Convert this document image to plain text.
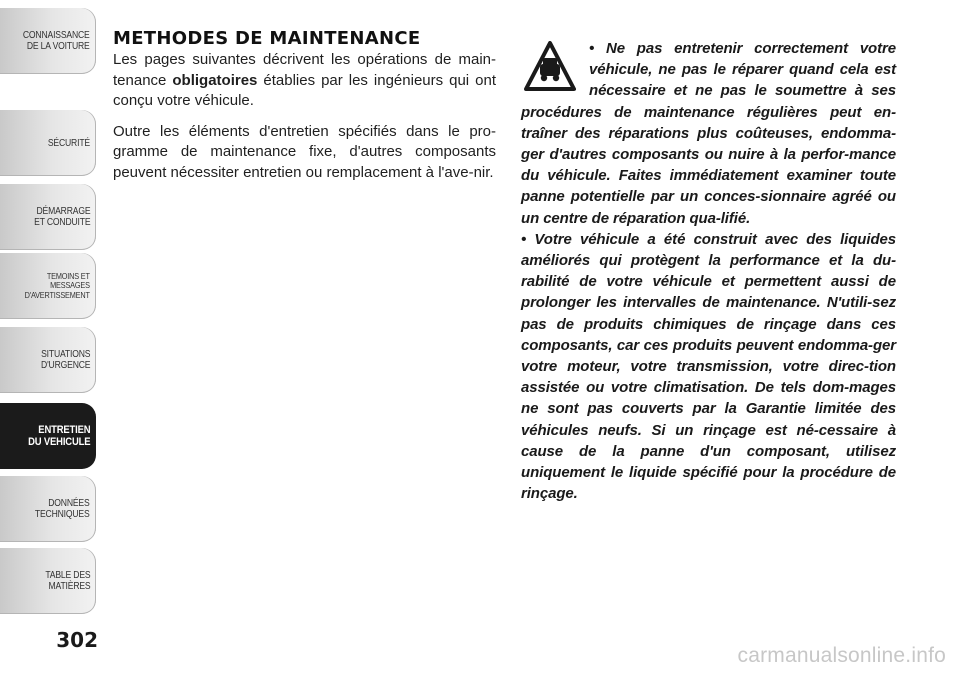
CONNAISSANCE
DE LA VOITURE
SÉCURITÉ
DÉMARRAGE
ET CONDUITE
TEMOINS ET
MESSAGES
D'AVERTISSEMENT
SITUATIONS
D'URGENCE
ENTRETIEN
DU VEHICULE
DONNÉES
TECHNIQUES
TABLE DES
MATIÈRES
302
METHODES DE MAINTENANCE

Les pages suivantes décrivent les opérations de main-tenance obligatoires établies par les ingénieurs qui ont conçu votre véhicule.

Outre les éléments d'entretien spécifiés dans le pro-gramme de maintenance fixe, d'autres composants peuvent nécessiter entretien ou remplacement à l'ave-nir.

• Ne pas entretenir correctement votre véhicule, ne pas le réparer quand cela est nécessaire et ne pas le soumettre à ses procédures de maintenance régulières peut en-traîner des réparations plus coûteuses, endomma-ger d'autres composants ou nuire à la perfor-mance du véhicule. Faites immédiatement examiner toute panne potentielle par un conces-sionnaire agréé ou un centre de réparation qua-lifié.
• Votre véhicule a été construit avec des liquides améliorés qui protègent la performance et la du-rabilité de votre véhicule et permettent aussi de prolonger les intervalles de maintenance. N'utili-sez pas de produits chimiques de rinçage dans ces composants, car ces produits peuvent endomma-ger votre moteur, votre transmission, votre direc-tion assistée ou votre climatisation. De tels dom-mages ne sont pas couverts par la Garantie limitée des véhicules neufs. Si un rinçage est né-cessaire à cause de la panne d'un composant, utilisez uniquement le liquide spécifié pour la procédure de rinçage.

carmanualsonline.info
